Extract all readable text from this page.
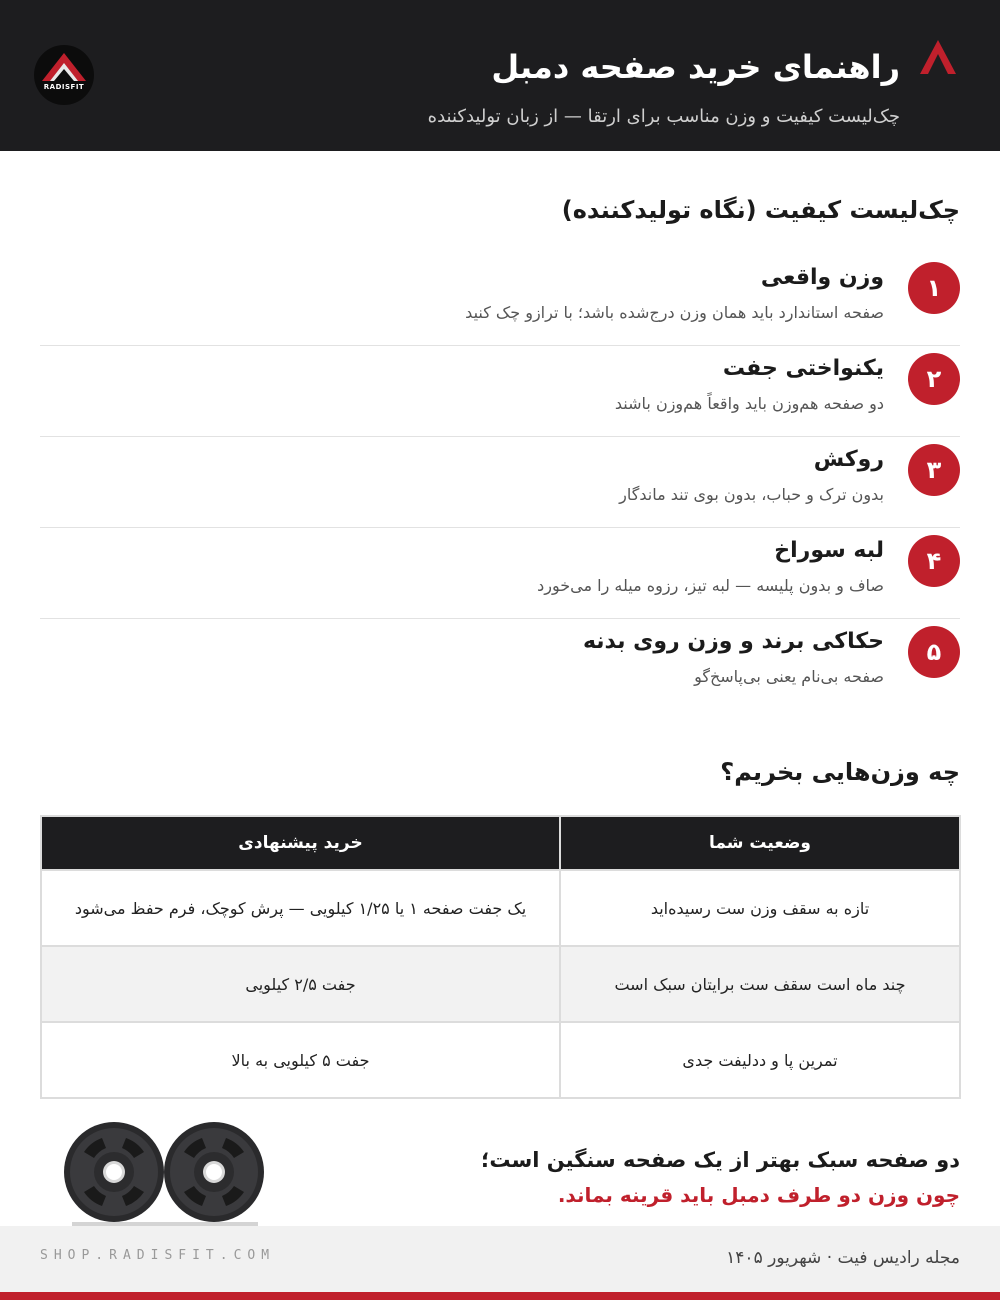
راهنمای خرید صفحه دمبل
چک‌لیست کیفیت و وزن مناسب برای ارتقا — از زبان تولیدکننده
RADISFIT
چک‌لیست کیفیت (نگاه تولیدکننده)
۱
وزن واقعی
صفحه استاندارد باید همان وزن درج‌شده باشد؛ با ترازو چک کنید
۲
یکنواختی جفت
دو صفحه هم‌وزن باید واقعاً هم‌وزن باشند
۳
روکش
بدون ترک و حباب، بدون بوی تند ماندگار
۴
لبه سوراخ
صاف و بدون پلیسه — لبه تیز، رزوه میله را می‌خورد
۵
حکاکی برند و وزن روی بدنه
صفحه بی‌نام یعنی بی‌پاسخ‌گو
چه وزن‌هایی بخریم؟
وضعیت شما	خرید پیشنهادی
تازه به سقف وزن ست رسیده‌اید	یک جفت صفحه ۱ یا ۱/۲۵ کیلویی — پرش کوچک، فرم حفظ می‌شود
چند ماه است سقف ست برایتان سبک است	جفت ۲/۵ کیلویی
تمرین پا و ددلیفت جدی	جفت ۵ کیلویی به بالا
دو صفحه سبک بهتر از یک صفحه سنگین است؛
چون وزن دو طرف دمبل باید قرینه بماند.
مجله رادیس فیت · شهریور ۱۴۰۵
SHOP.RADISFIT.COM
